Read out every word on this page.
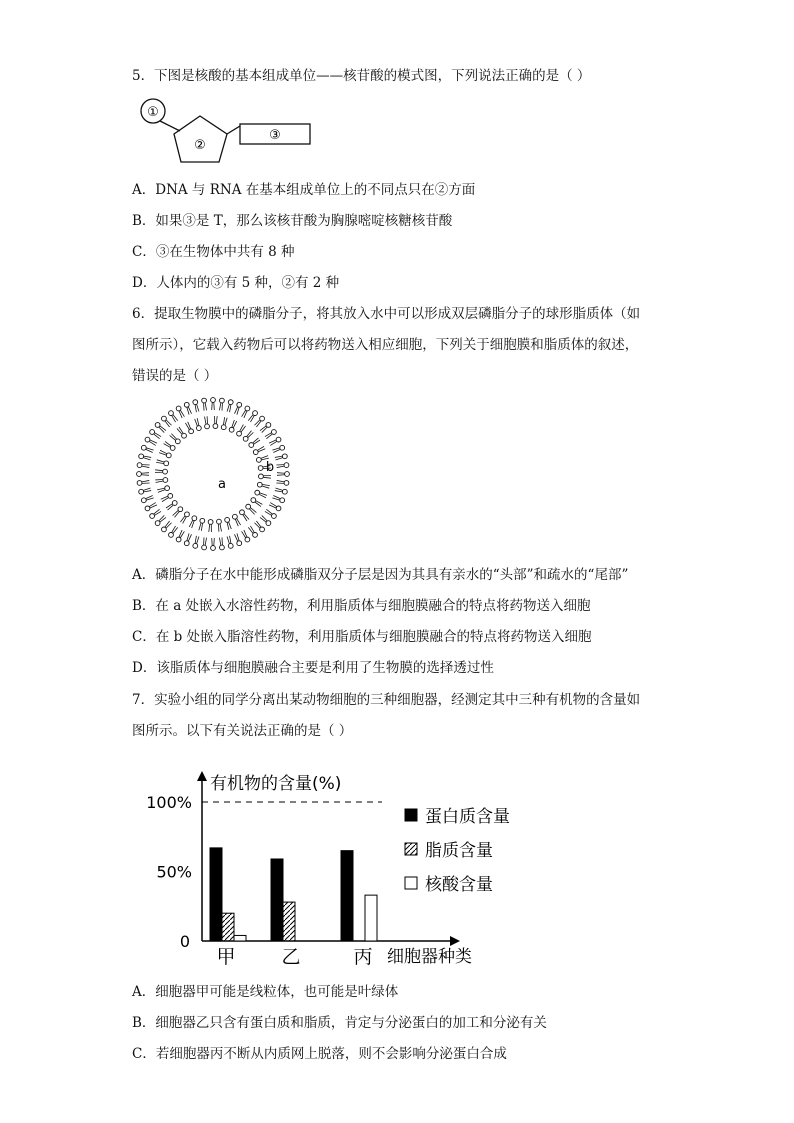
5．下图是核酸的基本组成单位——核苷酸的模式图，下列说法正确的是（ ）
①
②
③
A．DNA 与 RNA 在基本组成单位上的不同点只在②方面
B．如果③是 T，那么该核苷酸为胸腺嘧啶核糖核苷酸
C．③在生物体中共有 8 种
D．人体内的③有 5 种，②有 2 种
6．提取生物膜中的磷脂分子，将其放入水中可以形成双层磷脂分子的球形脂质体（如
图所示），它载入药物后可以将药物送入相应细胞，下列关于细胞膜和脂质体的叙述，
错误的是（ ）
a
b
A．磷脂分子在水中能形成磷脂双分子层是因为其具有亲水的“头部”和疏水的“尾部”
B．在 a 处嵌入水溶性药物，利用脂质体与细胞膜融合的特点将药物送入细胞
C．在 b 处嵌入脂溶性药物，利用脂质体与细胞膜融合的特点将药物送入细胞
D．该脂质体与细胞膜融合主要是利用了生物膜的选择透过性
7．实验小组的同学分离出某动物细胞的三种细胞器，经测定其中三种有机物的含量如
图所示。以下有关说法正确的是（ ）
有机物的含量(%)
0
50%
100%
甲 乙	丙 细胞器种类
蛋白质含量
脂质含量
核酸含量
A．细胞器甲可能是线粒体，也可能是叶绿体
B．细胞器乙只含有蛋白质和脂质，肯定与分泌蛋白的加工和分泌有关
C．若细胞器丙不断从内质网上脱落，则不会影响分泌蛋白合成
